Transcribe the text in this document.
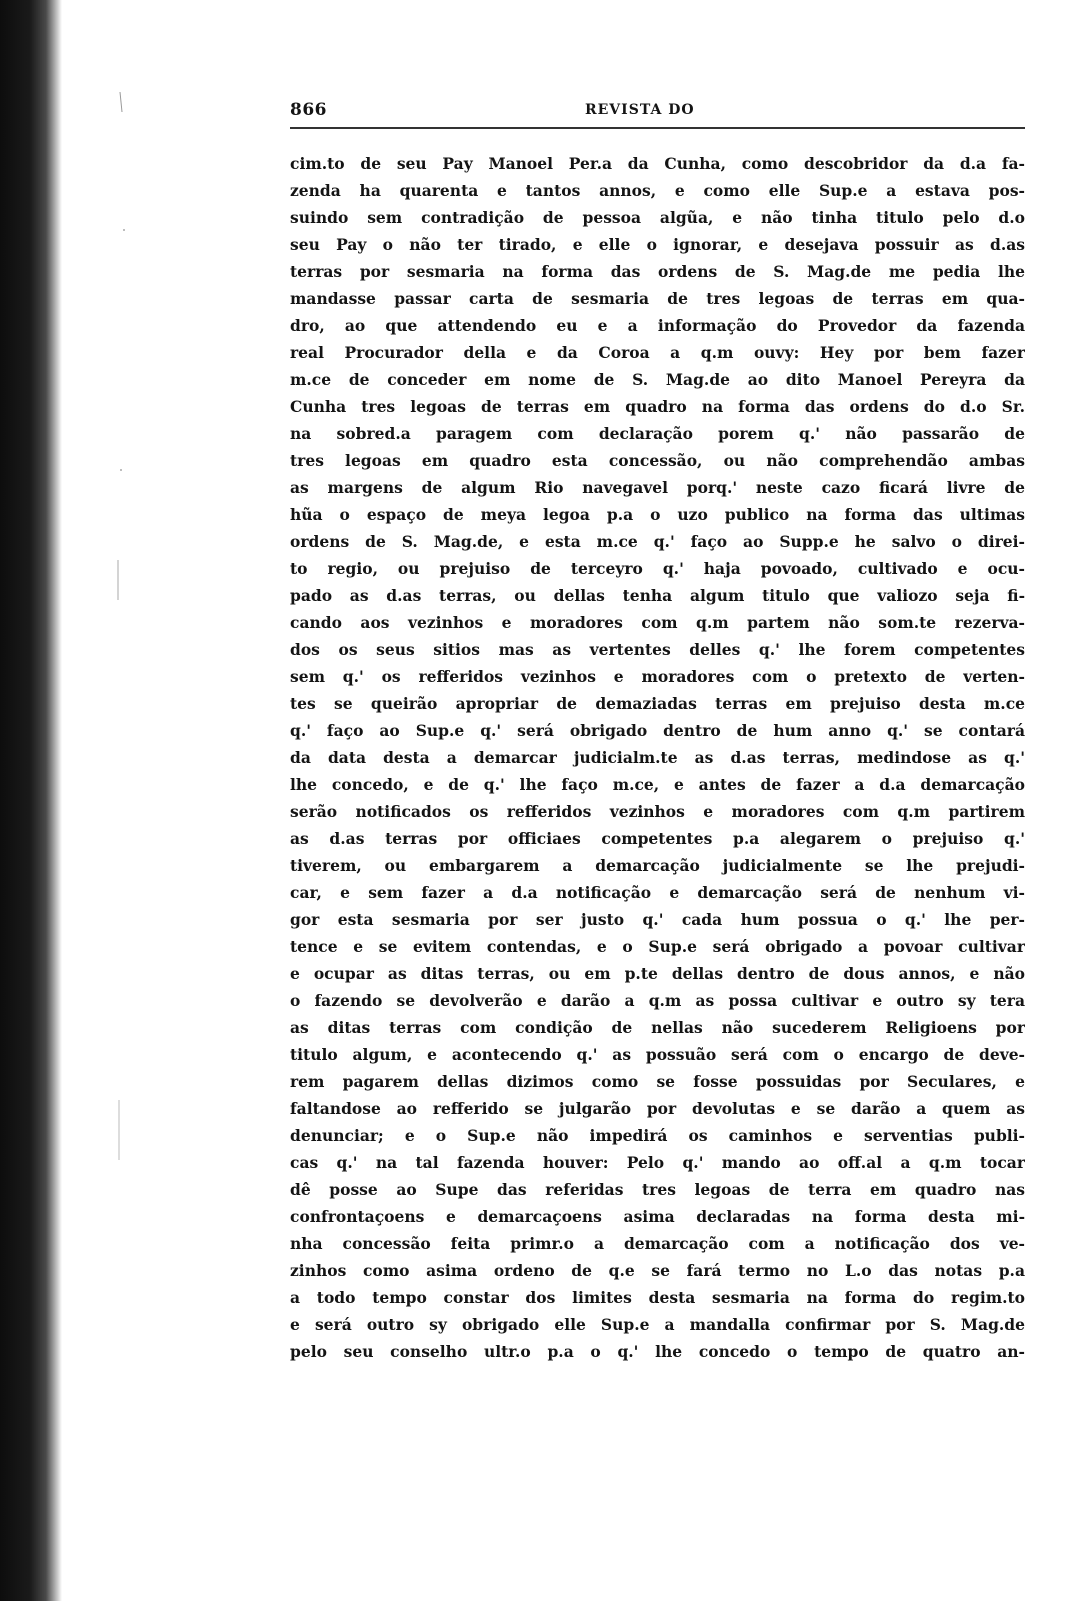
866	REVISTA DO
cim.to de seu Pay Manoel Per.a da Cunha, como descobridor da d.a fa-
zenda ha quarenta e tantos annos, e como elle Sup.e a estava pos-
suindo sem contradição de pessoa algũa, e não tinha titulo pelo d.o
seu Pay o não ter tirado, e elle o ignorar, e desejava possuir as d.as
terras por sesmaria na forma das ordens de S. Mag.de me pedia lhe
mandasse passar carta de sesmaria de tres legoas de terras em qua-
dro, ao que attendendo eu e a informação do Provedor da fazenda
real Procurador della e da Coroa a q.m ouvy: Hey por bem fazer
m.ce de conceder em nome de S. Mag.de ao dito Manoel Pereyra da
Cunha tres legoas de terras em quadro na forma das ordens do d.o Sr.
na sobred.a paragem com declaração porem q.' não passarão de
tres legoas em quadro esta concessão, ou não comprehendão ambas
as margens de algum Rio navegavel porq.' neste cazo ficará livre de
hũa o espaço de meya legoa p.a o uzo publico na forma das ultimas
ordens de S. Mag.de, e esta m.ce q.' faço ao Supp.e he salvo o direi-
to regio, ou prejuiso de terceyro q.' haja povoado, cultivado e ocu-
pado as d.as terras, ou dellas tenha algum titulo que valiozo seja fi-
cando aos vezinhos e moradores com q.m partem não som.te rezerva-
dos os seus sitios mas as vertentes delles q.' lhe forem competentes
sem q.' os refferidos vezinhos e moradores com o pretexto de verten-
tes se queirão apropriar de demaziadas terras em prejuiso desta m.ce
q.' faço ao Sup.e q.' será obrigado dentro de hum anno q.' se contará
da data desta a demarcar judicialm.te as d.as terras, medindose as q.'
lhe concedo, e de q.' lhe faço m.ce, e antes de fazer a d.a demarcação
serão notificados os refferidos vezinhos e moradores com q.m partirem
as d.as terras por officiaes competentes p.a alegarem o prejuiso q.'
tiverem, ou embargarem a demarcação judicialmente se lhe prejudi-
car, e sem fazer a d.a notificação e demarcação será de nenhum vi-
gor esta sesmaria por ser justo q.' cada hum possua o q.' lhe per-
tence e se evitem contendas, e o Sup.e será obrigado a povoar cultivar
e ocupar as ditas terras, ou em p.te dellas dentro de dous annos, e não
o fazendo se devolverão e darão a q.m as possa cultivar e outro sy tera
as ditas terras com condição de nellas não sucederem Religioens por
titulo algum, e acontecendo q.' as possuão será com o encargo de deve-
rem pagarem dellas dizimos como se fosse possuidas por Seculares, e
faltandose ao refferido se julgarão por devolutas e se darão a quem as
denunciar; e o Sup.e não impedirá os caminhos e serventias publi-
cas q.' na tal fazenda houver: Pelo q.' mando ao off.al a q.m tocar
dê posse ao Supe das referidas tres legoas de terra em quadro nas
confrontaçoens e demarcaçoens asima declaradas na forma desta mi-
nha concessão feita primr.o a demarcação com a notificação dos ve-
zinhos como asima ordeno de q.e se fará termo no L.o das notas p.a
a todo tempo constar dos limites desta sesmaria na forma do regim.to
e será outro sy obrigado elle Sup.e a mandalla confirmar por S. Mag.de
pelo seu conselho ultr.o p.a o q.' lhe concedo o tempo de quatro an-
